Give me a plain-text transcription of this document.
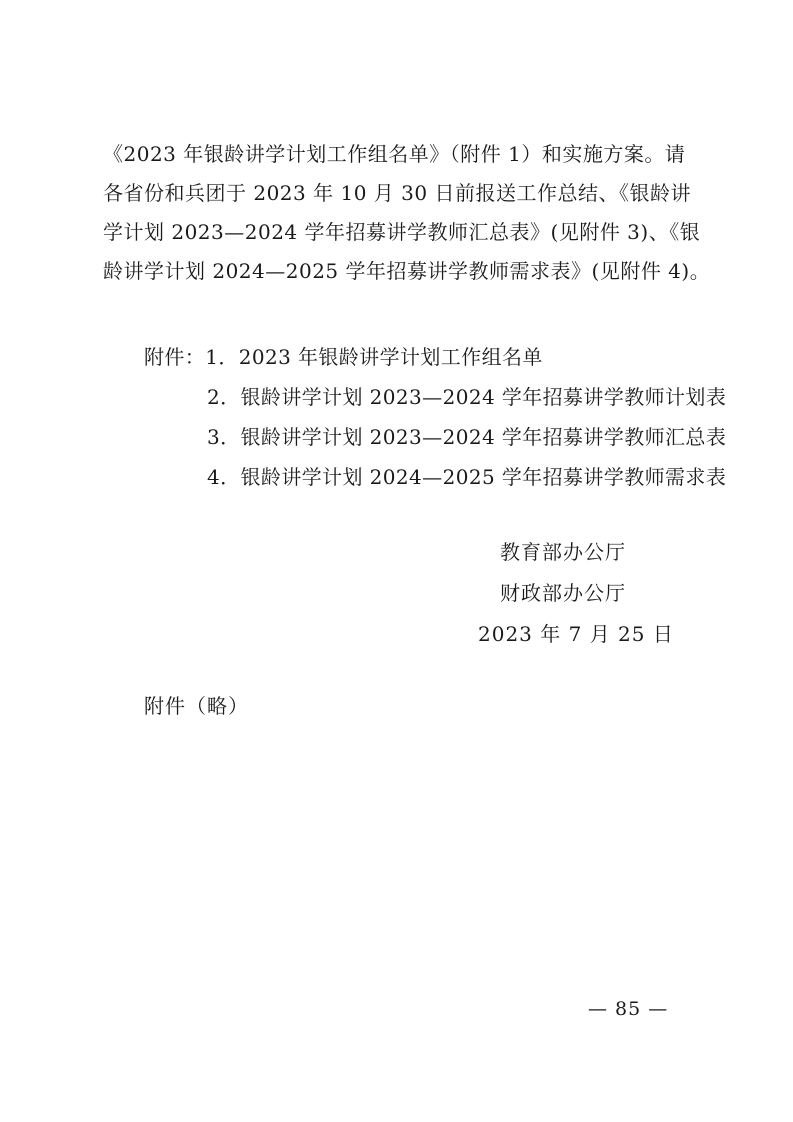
《2023 年银龄讲学计划工作组名单》（附件 1）和实施方案。请
各省份和兵团于 2023 年 10 月 30 日前报送工作总结、《银龄讲
学计划 2023—2024 学年招募讲学教师汇总表》(见附件 3)、《银
龄讲学计划 2024—2025 学年招募讲学教师需求表》(见附件 4)。
附件：1．2023 年银龄讲学计划工作组名单
2．银龄讲学计划 2023—2024 学年招募讲学教师计划表
3．银龄讲学计划 2023—2024 学年招募讲学教师汇总表
4．银龄讲学计划 2024—2025 学年招募讲学教师需求表
教育部办公厅
财政部办公厅
2023 年 7 月 25 日
附件（略）
— 85 —
